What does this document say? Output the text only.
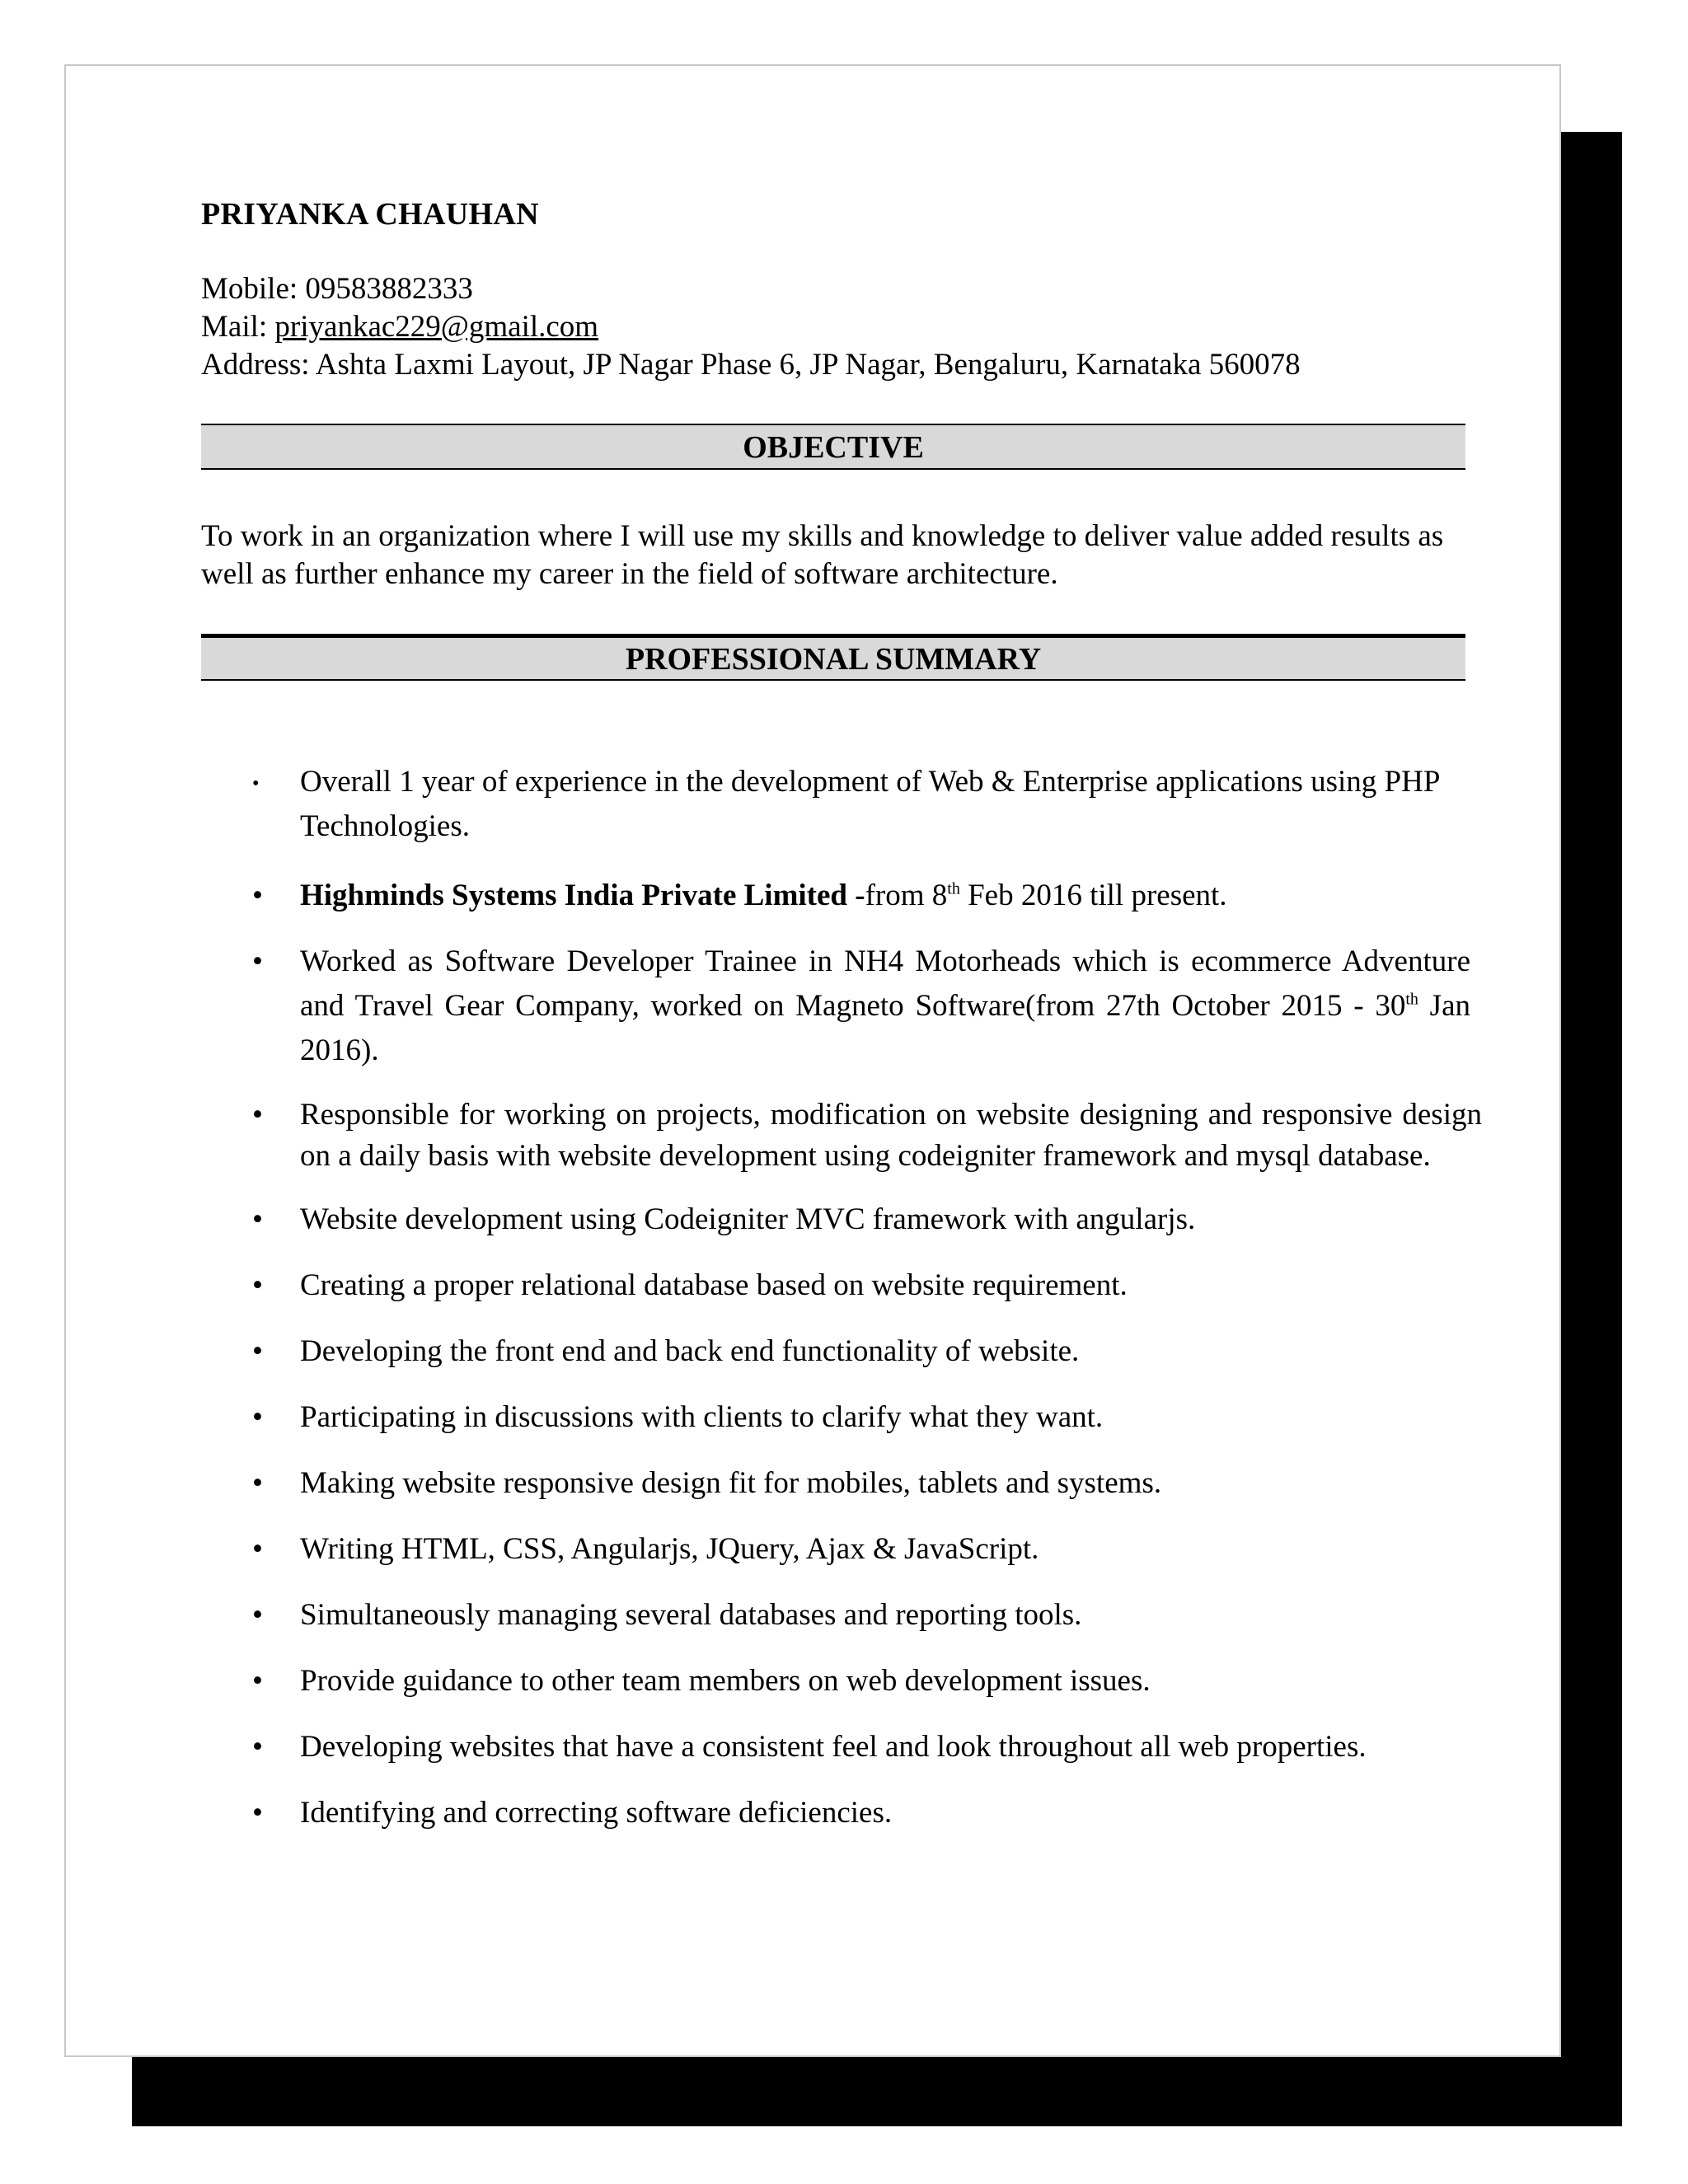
PRIYANKA CHAUHAN
Mobile: 09583882333
Mail: priyankac229@gmail.com
Address: Ashta Laxmi Layout, JP Nagar Phase 6, JP Nagar, Bengaluru, Karnataka 560078
OBJECTIVE
To work in an organization where I will use my skills and knowledge to deliver value added results as well as further enhance my career in the field of software architecture.
PROFESSIONAL SUMMARY
• Overall 1 year of experience in the development of Web & Enterprise applications using PHP Technologies.
• Highminds Systems India Private Limited -from 8th Feb 2016 till present.
• Worked as Software Developer Trainee in NH4 Motorheads which is ecommerce Adventure and Travel Gear Company, worked on Magneto Software(from 27th October 2015 - 30th Jan 2016).
• Responsible for working on projects, modification on website designing and responsive design on a daily basis with website development using codeigniter framework and mysql database.
• Website development using Codeigniter MVC framework with angularjs.
• Creating a proper relational database based on website requirement.
• Developing the front end and back end functionality of website.
• Participating in discussions with clients to clarify what they want.
• Making website responsive design fit for mobiles, tablets and systems.
• Writing HTML, CSS, Angularjs, JQuery, Ajax & JavaScript.
• Simultaneously managing several databases and reporting tools.
• Provide guidance to other team members on web development issues.
• Developing websites that have a consistent feel and look throughout all web properties.
• Identifying and correcting software deficiencies.
